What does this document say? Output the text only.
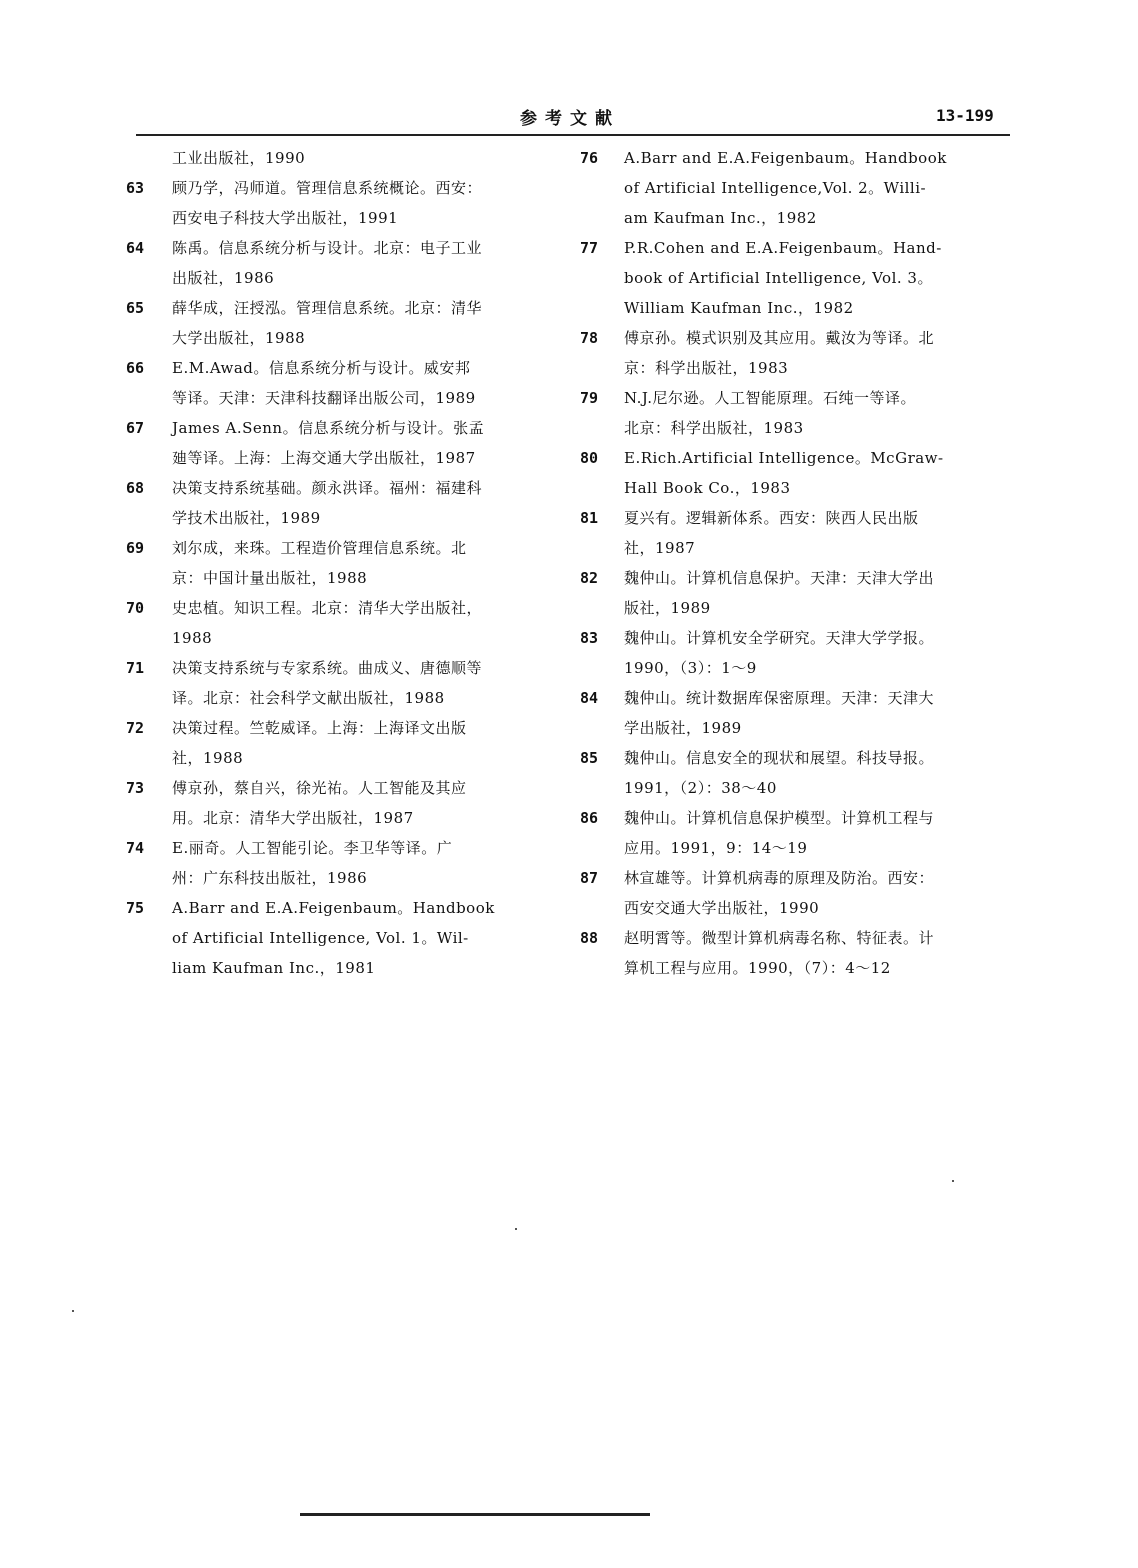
参考文献	13-199
工业出版社，1990
63	顾乃学，冯师道。管理信息系统概论。西安：
西安电子科技大学出版社，1991
64	陈禹。信息系统分析与设计。北京：电子工业
出版社，1986
65	薛华成，汪授泓。管理信息系统。北京：清华
大学出版社，1988
66	E.M.Awad。信息系统分析与设计。威安邦
等译。天津：天津科技翻译出版公司，1989
67	James A.Senn。信息系统分析与设计。张孟
廸等译。上海：上海交通大学出版社，1987
68	决策支持系统基础。颜永洪译。福州：福建科
学技术出版社，1989
69	刘尔成，来珠。工程造价管理信息系统。北
京：中国计量出版社，1988
70	史忠植。知识工程。北京：清华大学出版社，
1988
71	决策支持系统与专家系统。曲成义、唐德顺等
译。北京：社会科学文献出版社，1988
72	决策过程。竺乾威译。上海：上海译文出版
社，1988
73	傅京孙，蔡自兴，徐光祐。人工智能及其应
用。北京：清华大学出版社，1987
74	E.丽奇。人工智能引论。李卫华等译。广
州：广东科技出版社，1986
75	A.Barr and E.A.Feigenbaum。Handbook
of Artificial Intelligence, Vol. 1。Wil-
liam Kaufman Inc.，1981
76	A.Barr and E.A.Feigenbaum。Handbook
of Artificial Intelligence,Vol. 2。Willi-
am Kaufman Inc.，1982
77	P.R.Cohen and E.A.Feigenbaum。Hand-
book of Artificial Intelligence, Vol. 3。
William Kaufman Inc.，1982
78	傅京孙。模式识别及其应用。戴汝为等译。北
京：科学出版社，1983
79	N.J.尼尔逊。人工智能原理。石纯一等译。
北京：科学出版社，1983
80	E.Rich.Artificial Intelligence。McGraw-
Hall Book Co.，1983
81	夏兴有。逻辑新体系。西安：陕西人民出版
社，1987
82	魏仲山。计算机信息保护。天津：天津大学出
版社，1989
83	魏仲山。计算机安全学研究。天津大学学报。
1990，（3）：1～9
84	魏仲山。统计数据库保密原理。天津：天津大
学出版社，1989
85	魏仲山。信息安全的现状和展望。科技导报。
1991，（2）：38～40
86	魏仲山。计算机信息保护模型。计算机工程与
应用。1991，9：14～19
87	林宣雄等。计算机病毒的原理及防治。西安：
西安交通大学出版社，1990
88	赵明霄等。微型计算机病毒名称、特征表。计
算机工程与应用。1990，（7）：4～12
